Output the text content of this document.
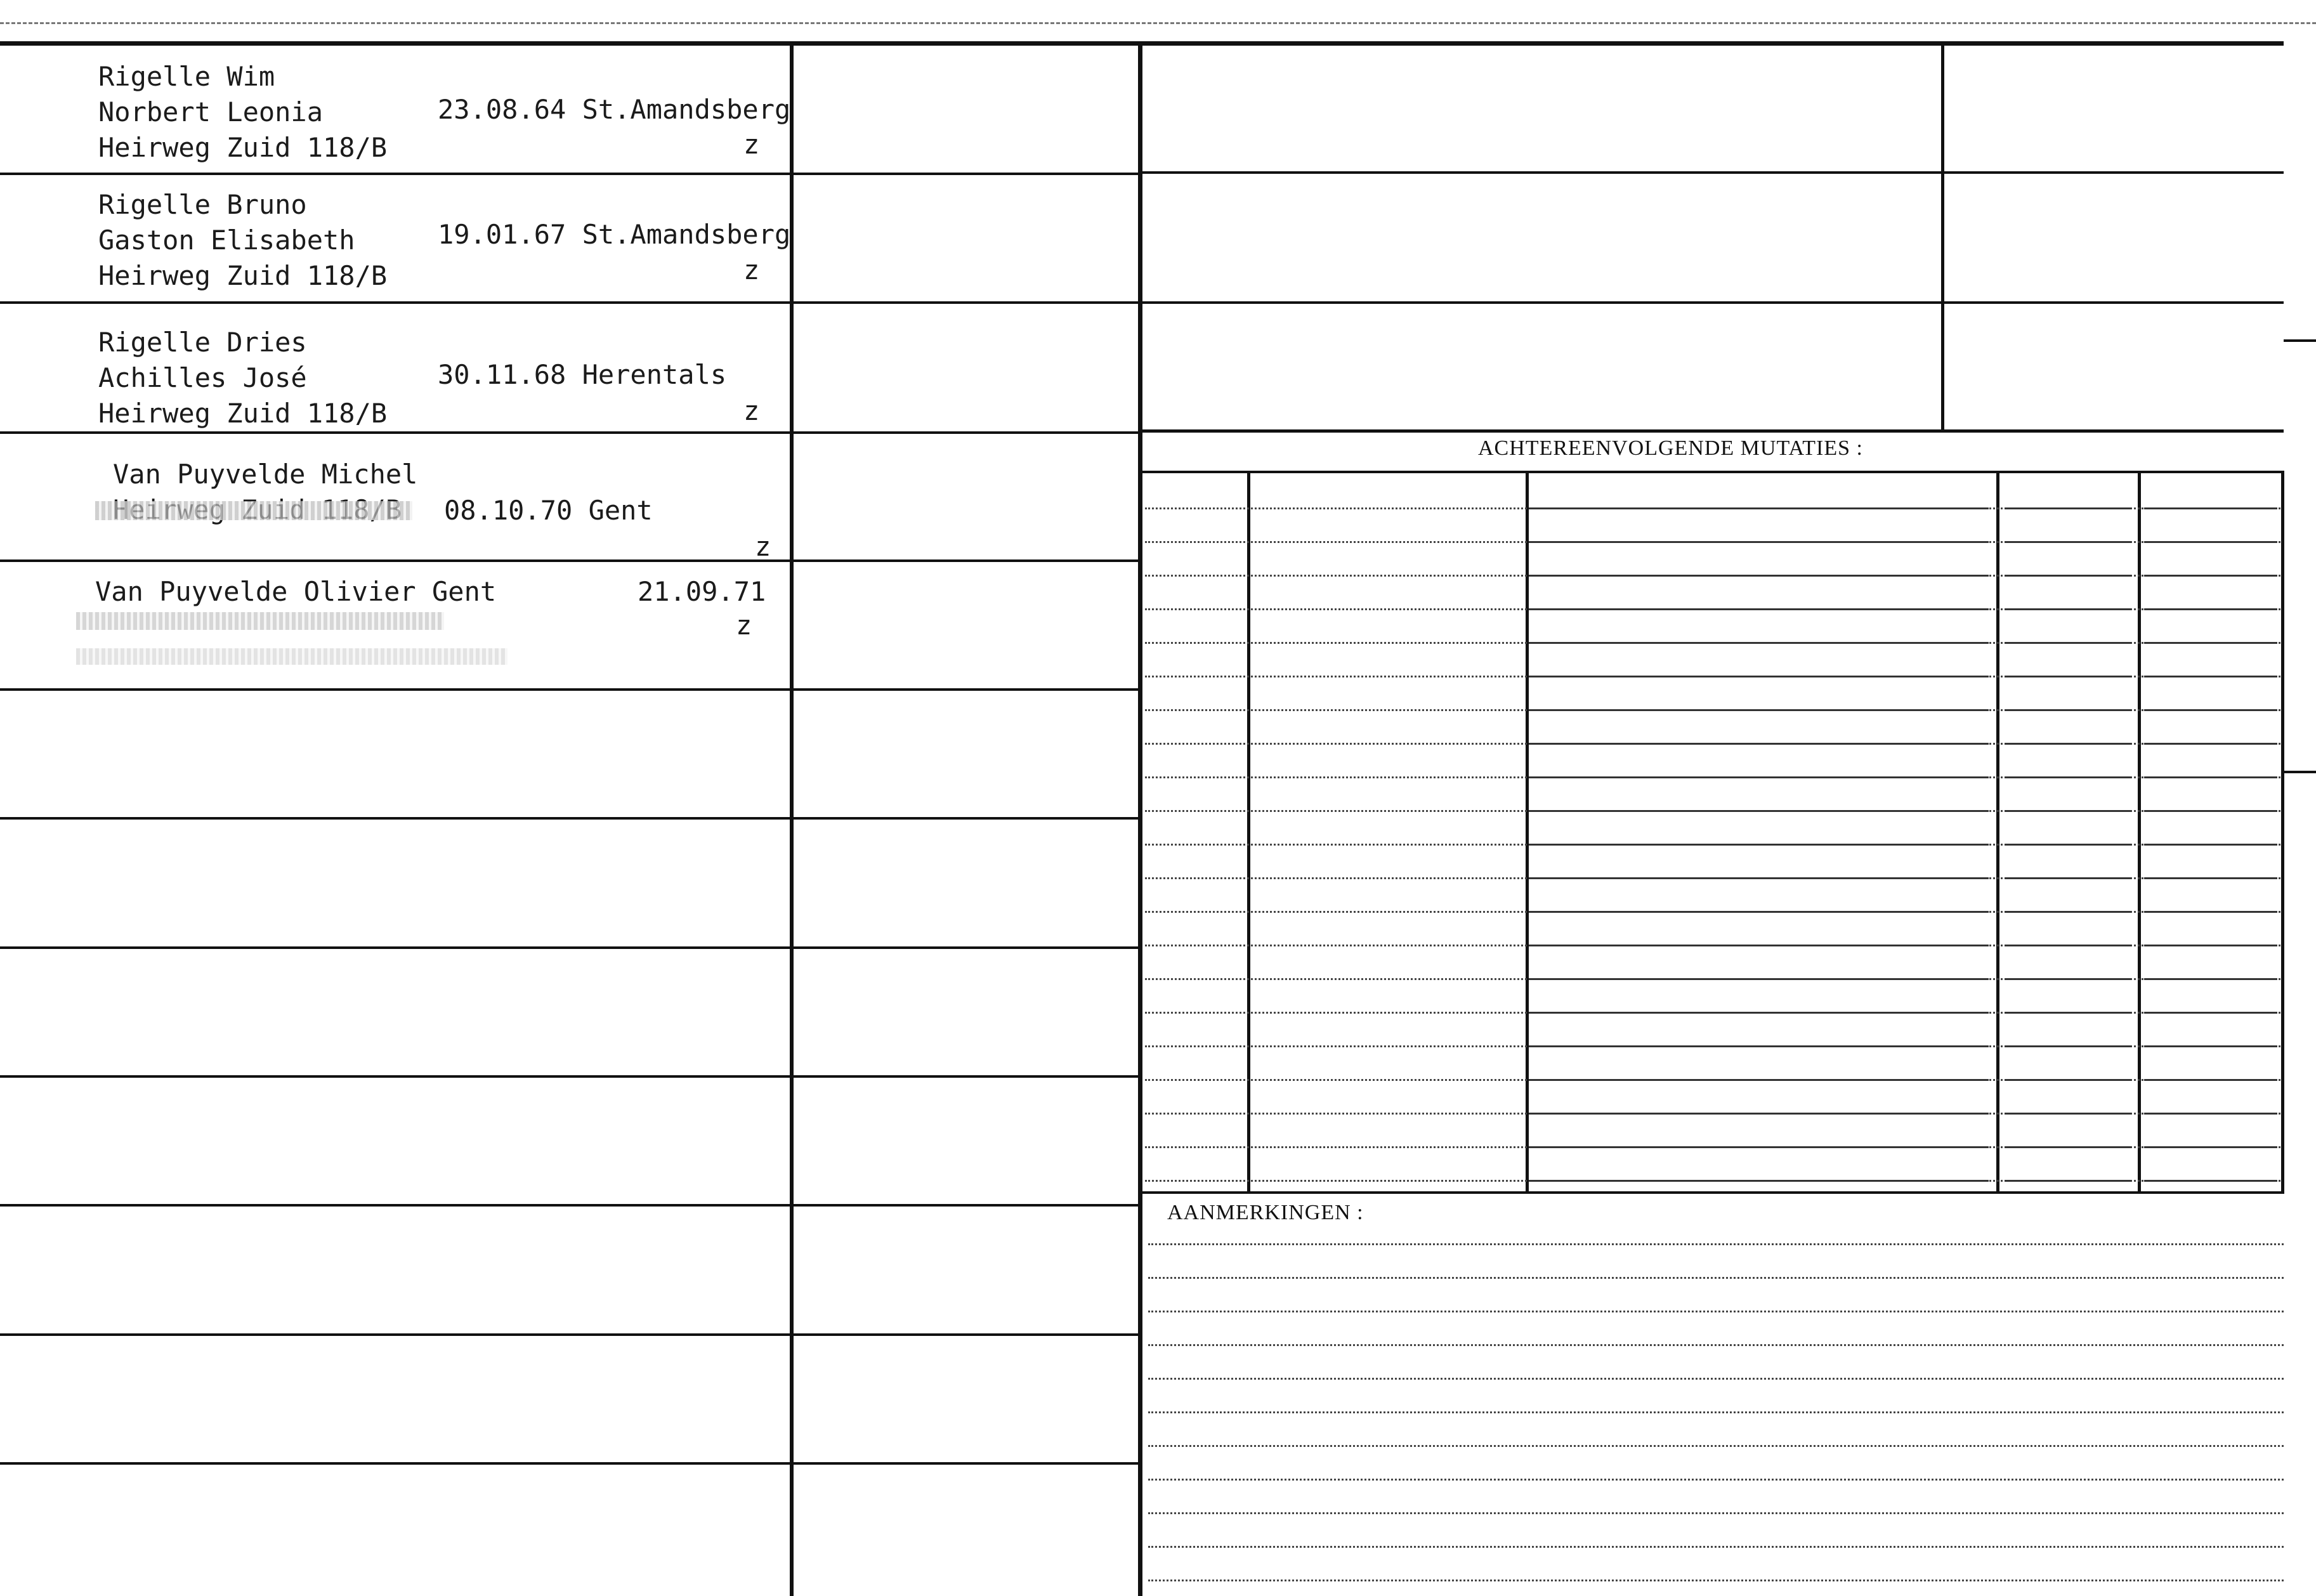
ACHTEREENVOLGENDE MUTATIES :
AANMERKINGEN :
Rigelle Wim
Norbert Leonia
Heirweg Zuid 118/B
23.08.64 St.Amandsberg
z
Rigelle Bruno
Gaston Elisabeth
Heirweg Zuid 118/B
19.01.67 St.Amandsberg
z
Rigelle Dries
Achilles José
Heirweg Zuid 118/B
30.11.68 Herentals
z
Van Puyvelde Michel
08.10.70 Gent
z
Van Puyvelde Olivier Gent	21.09.71
z
